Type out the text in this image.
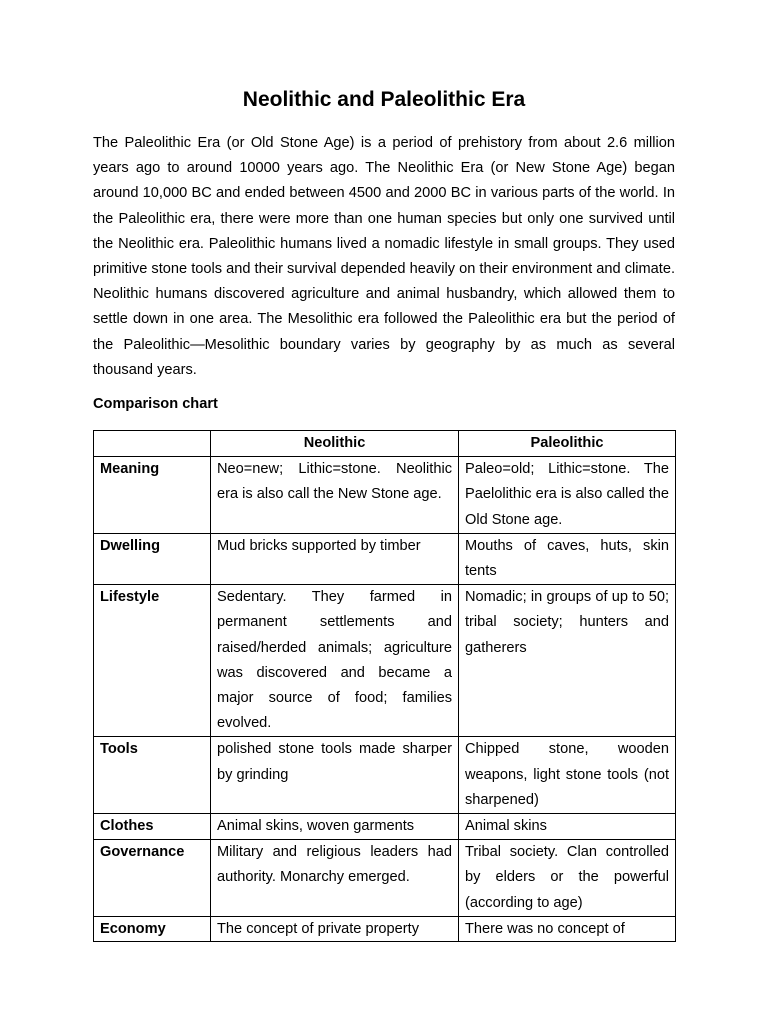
Neolithic and Paleolithic Era

The Paleolithic Era (or Old Stone Age) is a period of prehistory from about 2.6 million years ago to around 10000 years ago. The Neolithic Era (or New Stone Age) began around 10,000 BC and ended between 4500 and 2000 BC in various parts of the world. In the Paleolithic era, there were more than one human species but only one survived until the Neolithic era. Paleolithic humans lived a nomadic lifestyle in small groups. They used primitive stone tools and their survival depended heavily on their environment and climate. Neolithic humans discovered agriculture and animal husbandry, which allowed them to settle down in one area. The Mesolithic era followed the Paleolithic era but the period of the Paleolithic—Mesolithic boundary varies by geography by as much as several thousand years.

Comparison chart

	Neolithic	Paleolithic
Meaning	Neo=new; Lithic=stone. Neolithic era is also call the New Stone age.	Paleo=old; Lithic=stone. The Paelolithic era is also called the Old Stone age.
Dwelling	Mud bricks supported by timber	Mouths of caves, huts, skin tents
Lifestyle	Sedentary. They farmed in permanent settlements and raised/herded animals; agriculture was discovered and became a major source of food; families evolved.	Nomadic; in groups of up to 50; tribal society; hunters and gatherers
Tools	polished stone tools made sharper by grinding	Chipped stone, wooden weapons, light stone tools (not sharpened)
Clothes	Animal skins, woven garments	Animal skins
Governance	Military and religious leaders had authority. Monarchy emerged.	Tribal society. Clan controlled by elders or the powerful (according to age)

Economy	The concept of private property	There was no concept of
